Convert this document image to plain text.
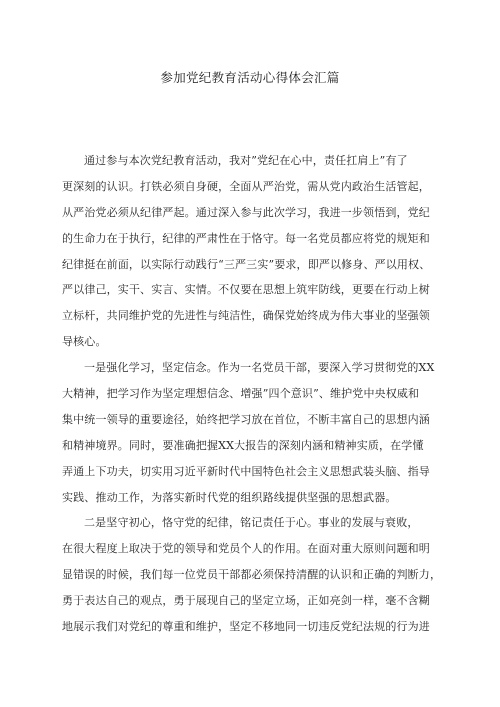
参加党纪教育活动心得体会汇篇
通过参与本次党纪教育活动，我对”党纪在心中，责任扛肩上”有了
更深刻的认识。打铁必须自身硬，全面从严治党，需从党内政治生活管起，
从严治党必须从纪律严起。通过深入参与此次学习，我进一步领悟到，党纪
的生命力在于执行，纪律的严肃性在于恪守。每一名党员都应将党的规矩和
纪律挺在前面，以实际行动践行“三严三实”要求，即严以修身、严以用权、
严以律己，实干、实言、实情。不仅要在思想上筑牢防线，更要在行动上树
立标杆，共同维护党的先进性与纯洁性，确保党始终成为伟大事业的坚强领
导核心。
一是强化学习，坚定信念。作为一名党员干部，要深入学习贯彻党的XX
大精神，把学习作为坚定理想信念、增强”四个意识”、维护党中央权威和
集中统一领导的重要途径，始终把学习放在首位，不断丰富自己的思想内涵
和精神境界。同时，要准确把握XX大报告的深刻内涵和精神实质，在学懂
弄通上下功夫，切实用习近平新时代中国特色社会主义思想武装头脑、指导
实践、推动工作，为落实新时代党的组织路线提供坚强的思想武器。
二是坚守初心，恪守党的纪律，铭记责任于心。事业的发展与衰败，
在很大程度上取决于党的领导和党员个人的作用。在面对重大原则问题和明
显错误的时候，我们每一位党员干部都必须保持清醒的认识和正确的判断力，
勇于表达自己的观点，勇于展现自己的坚定立场，正如亮剑一样，毫不含糊
地展示我们对党纪的尊重和维护，坚定不移地同一切违反党纪法规的行为进
